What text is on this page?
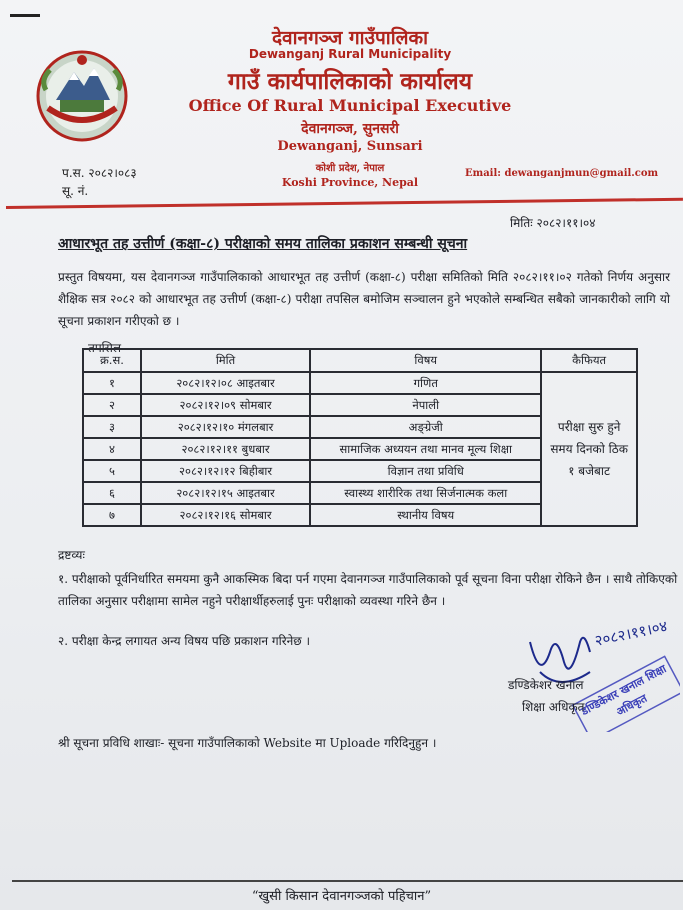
देवानगञ्ज गाउँपालिका
Dewanganj Rural Municipality
गाउँ कार्यपालिकाको कार्यालय
Office Of Rural Municipal Executive
देवानगञ्ज, सुनसरी
Dewanganj, Sunsari
कोशी प्रदेश, नेपाल
Koshi Province, Nepal
प.स. २०८२।०८३
सू. नं.
Email: dewanganjmun@gmail.com
मितिः २०८२।११।०४
आधारभूत तह उत्तीर्ण (कक्षा-८) परीक्षाको समय तालिका प्रकाशन सम्बन्धी सूचना
प्रस्तुत विषयमा, यस देवानगञ्ज गाउँपालिकाको आधारभूत तह उत्तीर्ण (कक्षा-८) परीक्षा समितिको मिति २०८२।११।०२ गतेको निर्णय अनुसार शैक्षिक सत्र २०८२ को आधारभूत तह उत्तीर्ण (कक्षा-८) परीक्षा तपसिल बमोजिम सञ्चालन हुने भएकोले सम्बन्धित सबैको जानकारीको लागि यो सूचना प्रकाशन गरीएको छ ।
तपसिल
क्र.स.	मिति	विषय	कैफियत
१	२०८२।१२।०८ आइतबार	गणित	परीक्षा सुरु हुने समय दिनको ठिक १ बजेबाट
२	२०८२।१२।०९ सोमबार	नेपाली	
३	२०८२।१२।१० मंगलबार	अङ्ग्रेजी	
४	२०८२।१२।११ बुधबार	सामाजिक अध्ययन तथा मानव मूल्य शिक्षा	
५	२०८२।१२।१२ बिहीबार	विज्ञान तथा प्रविधि	
६	२०८२।१२।१५ आइतबार	स्वास्थ्य शारीरिक तथा सिर्जनात्मक कला	
७	२०८२।१२।१६ सोमबार	स्थानीय विषय	
द्रष्टव्यः
१. परीक्षाको पूर्वनिर्धारित समयमा कुनै आकस्मिक बिदा पर्न गएमा देवानगञ्ज गाउँपालिकाको पूर्व सूचना विना परीक्षा रोकिने छैन । साथै तोकिएको तालिका अनुसार परीक्षामा सामेल नहुने परीक्षार्थीहरुलाई पुनः परीक्षाको व्यवस्था गरिने छैन ।
२. परीक्षा केन्द्र लगायत अन्य विषय पछि प्रकाशन गरिनेछ ।	२०८२।११।०४
डण्डिकेशर खनाल शिक्षा अधिकृत
डण्डिकेशर खनाल
शिक्षा अधिकृत
श्री सूचना प्रविधि शाखाः- सूचना गाउँपालिकाको Website मा Uploade गरिदिनुहुन ।
“खुसी किसान देवानगञ्जको पहिचान”
